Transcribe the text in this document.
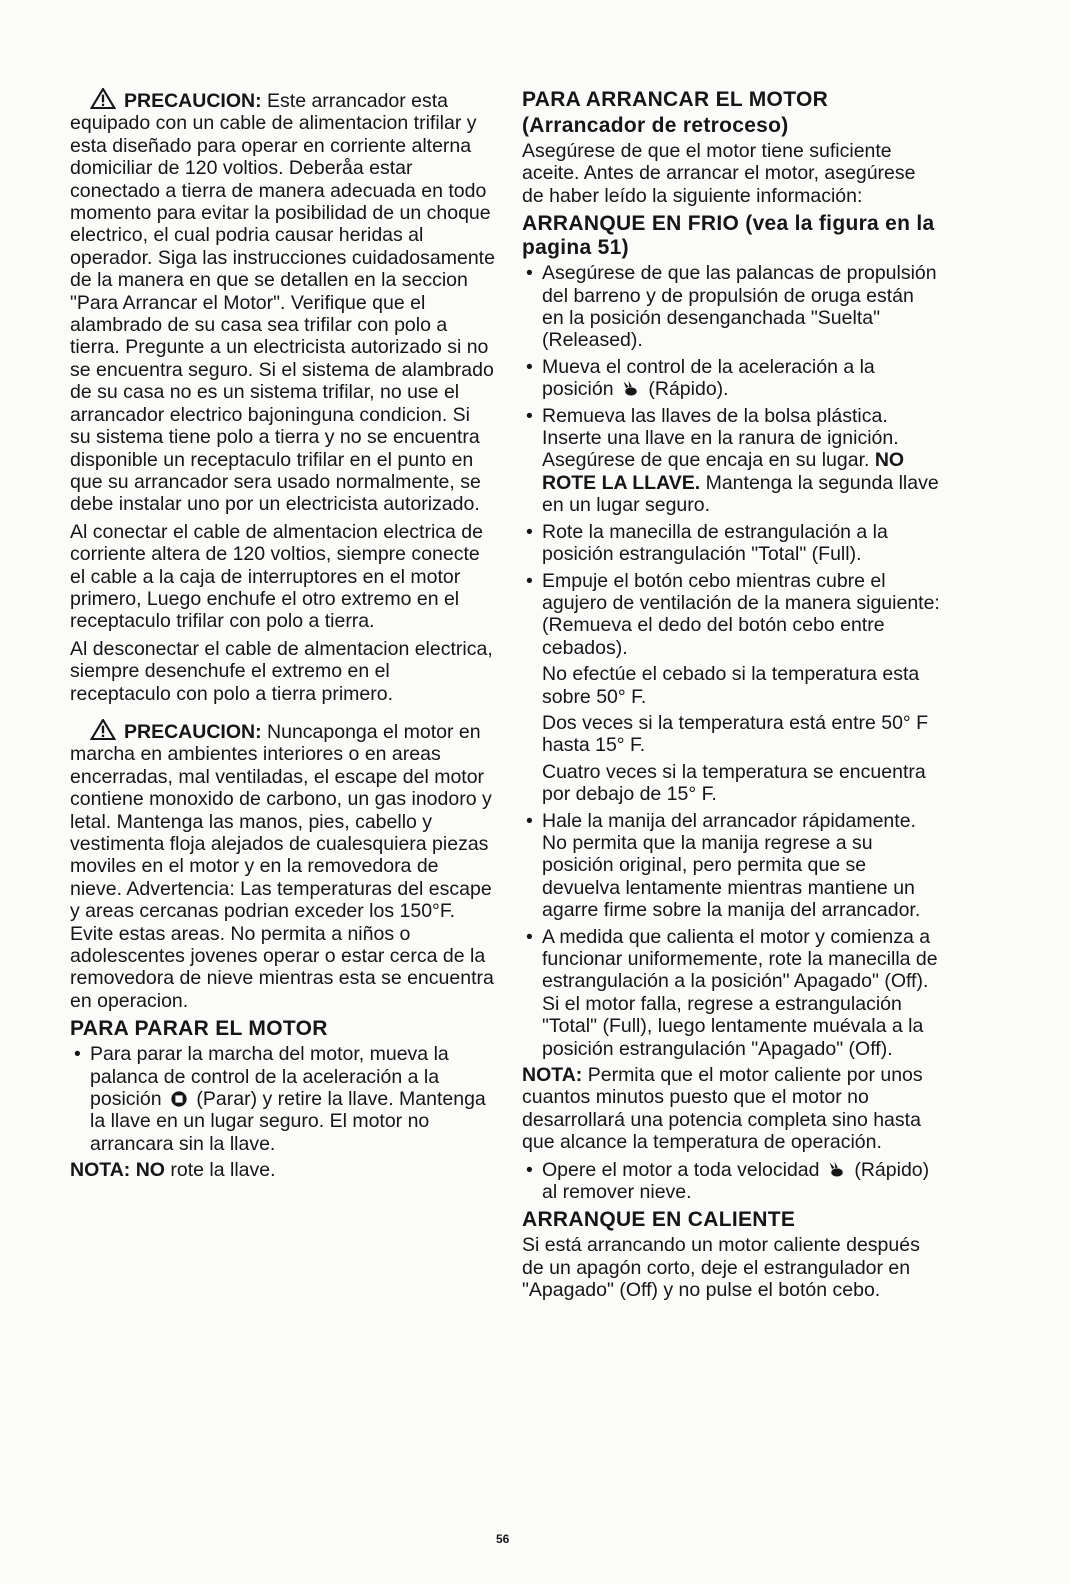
PRECAUCION: Este arrancador esta equipado con un cable de alimentacion trifilar y esta diseñado para operar en corriente alterna domiciliar de 120 voltios. Deberåa estar conectado a tierra de manera adecuada en todo momento para evitar la posibilidad de un choque electrico, el cual podria causar heridas al operador. Siga las instrucciones cuidadosamente de la manera en que se detallen en la seccion "Para Arrancar el Motor". Verifique que el alambrado de su casa sea trifilar con polo a tierra. Pregunte a un electricista autorizado si no se encuentra seguro. Si el sistema de alambrado de su casa no es un sistema trifilar, no use el arrancador electrico bajoninguna condicion. Si su sistema tiene polo a tierra y no se encuentra disponible un receptaculo trifilar en el punto en que su arrancador sera usado normalmente, se debe instalar uno por un electricista autorizado.

Al conectar el cable de almentacion electrica de corriente altera de 120 voltios, siempre conecte el cable a la caja de interruptores en el motor primero, Luego enchufe el otro extremo en el receptaculo trifilar con polo a tierra.

Al desconectar el cable de almentacion electrica, siempre desenchufe el extremo en el receptaculo con polo a tierra primero.

PRECAUCION: Nuncaponga el motor en marcha en ambientes interiores o en areas encerradas, mal ventiladas, el escape del motor contiene monoxido de carbono, un gas inodoro y letal. Mantenga las manos, pies, cabello y vestimenta floja alejados de cualesquiera piezas moviles en el motor y en la removedora de nieve. Advertencia: Las temperaturas del escape y areas cercanas podrian exceder los 150°F. Evite estas areas. No permita a niños o adolescentes jovenes operar o estar cerca de la removedora de nieve mientras esta se encuentra en operacion.

PARA PARAR EL MOTOR
• Para parar la marcha del motor, mueva la palanca de control de la aceleración a la posición (Parar) y retire la llave. Mantenga la llave en un lugar seguro. El motor no arrancara sin la llave.

NOTA: NO rote la llave.

PARA ARRANCAR EL MOTOR
(Arrancador de retroceso)

Asegúrese de que el motor tiene suficiente aceite. Antes de arrancar el motor, asegúrese de haber leído la siguiente información:

ARRANQUE EN FRIO (vea la figura en la pagina 51)
• Asegúrese de que las palancas de propulsión del barreno y de propulsión de oruga están en la posición desenganchada "Suelta" (Released).
• Mueva el control de la aceleración a la posición (Rápido).
• Remueva las llaves de la bolsa plástica. Inserte una llave en la ranura de ignición. Asegúrese de que encaja en su lugar. NO ROTE LA LLAVE. Mantenga la segunda llave en un lugar seguro.
• Rote la manecilla de estrangulación a la posición estrangulación "Total" (Full).
• Empuje el botón cebo mientras cubre el agujero de ventilación de la manera siguiente: (Remueva el dedo del botón cebo entre cebados).

No efectúe el cebado si la temperatura esta sobre 50° F.

Dos veces si la temperatura está entre 50° F hasta 15° F.

Cuatro veces si la temperatura se encuentra por debajo de 15° F.

• Hale la manija del arrancador rápidamente. No permita que la manija regrese a su posición original, pero permita que se devuelva lentamente mientras mantiene un agarre firme sobre la manija del arrancador.
• A medida que calienta el motor y comienza a funcionar uniformemente, rote la manecilla de estrangulación a la posición" Apagado" (Off). Si el motor falla, regrese a estrangulación "Total" (Full), luego lentamente muévala a la posición estrangulación "Apagado" (Off).

NOTA: Permita que el motor caliente por unos cuantos minutos puesto que el motor no desarrollará una potencia completa sino hasta que alcance la temperatura de operación.

• Opere el motor a toda velocidad (Rápido) al remover nieve.
ARRANQUE EN CALIENTE

Si está arrancando un motor caliente después de un apagón corto, deje el estrangulador en "Apagado" (Off) y no pulse el botón cebo.

56
